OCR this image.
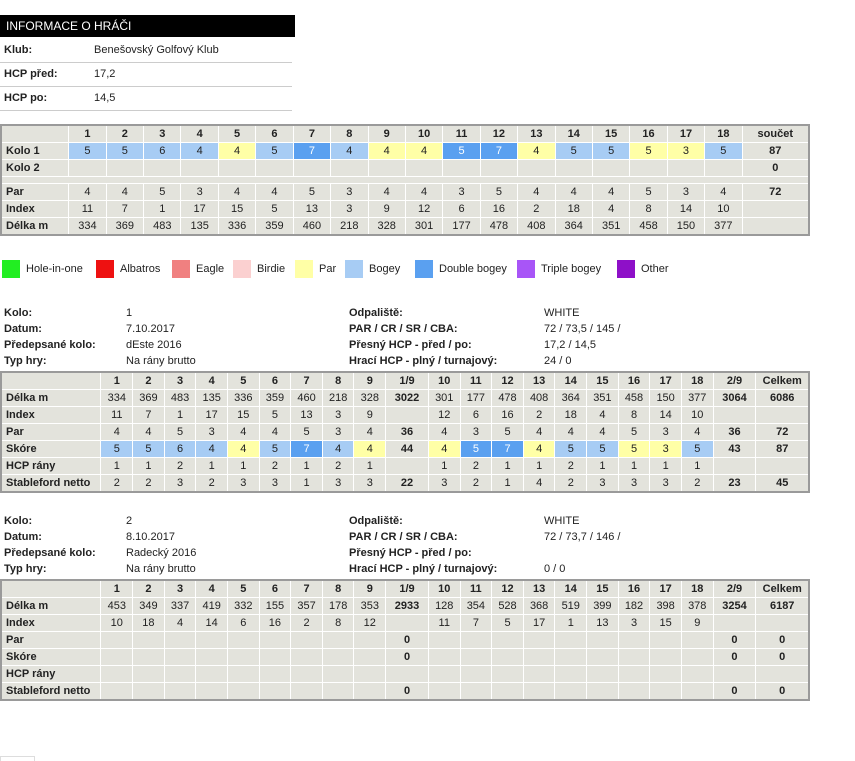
INFORMACE O HRÁČI
Klub:	Benešovský Golfový Klub
HCP před:	17,2
HCP po:	14,5
	1	2	3	4	5	6	7	8	9	10	11	12	13	14	15	16	17	18	součet
Kolo 1	5	5	6	4	4	5	7	4	4	4	5	7	4	5	5	5	3	5	87
Kolo 2																			0

Par	4	4	5	3	4	4	5	3	4	4	3	5	4	4	4	5	3	4	72
Index	11	7	1	17	15	5	13	3	9	12	6	16	2	18	4	8	14	10	
Délka m	334	369	483	135	336	359	460	218	328	301	177	478	408	364	351	458	150	377	
Hole-in-one	Albatros	Eagle	Birdie	Par	Bogey	Double bogey	Triple bogey	Other
Kolo:	1
Datum:	7.10.2017
Předepsané kolo:	dEste 2016
Typ hry:	Na rány brutto
Odpaliště:	WHITE
PAR / CR / SR / CBA:	72 / 73,5 / 145 /
Přesný HCP - před / po:	17,2 / 14,5
Hrací HCP - plný / turnajový:	24 / 0
	1	2	3	4	5	6	7	8	9	1/9	10	11	12	13	14	15	16	17	18	2/9	Celkem
Délka m	334	369	483	135	336	359	460	218	328	3022	301	177	478	408	364	351	458	150	377	3064	6086
Index	11	7	1	17	15	5	13	3	9		12	6	16	2	18	4	8	14	10		
Par	4	4	5	3	4	4	5	3	4	36	4	3	5	4	4	4	5	3	4	36	72
Skóre	5	5	6	4	4	5	7	4	4	44	4	5	7	4	5	5	5	3	5	43	87
HCP rány	1	1	2	1	1	2	1	2	1		1	2	1	1	2	1	1	1	1		
Stableford netto	2	2	3	2	3	3	1	3	3	22	3	2	1	4	2	3	3	3	2	23	45
Kolo:	2
Datum:	8.10.2017
Předepsané kolo:	Radecký 2016
Typ hry:	Na rány brutto
Odpaliště:	WHITE
PAR / CR / SR / CBA:	72 / 73,7 / 146 /
Přesný HCP - před / po:
Hrací HCP - plný / turnajový:	0 / 0
	1	2	3	4	5	6	7	8	9	1/9	10	11	12	13	14	15	16	17	18	2/9	Celkem
Délka m	453	349	337	419	332	155	357	178	353	2933	128	354	528	368	519	399	182	398	378	3254	6187
Index	10	18	4	14	6	16	2	8	12		11	7	5	17	1	13	3	15	9		
Par										0										0	0
Skóre										0										0	0
HCP rány																					
Stableford netto										0										0	0
